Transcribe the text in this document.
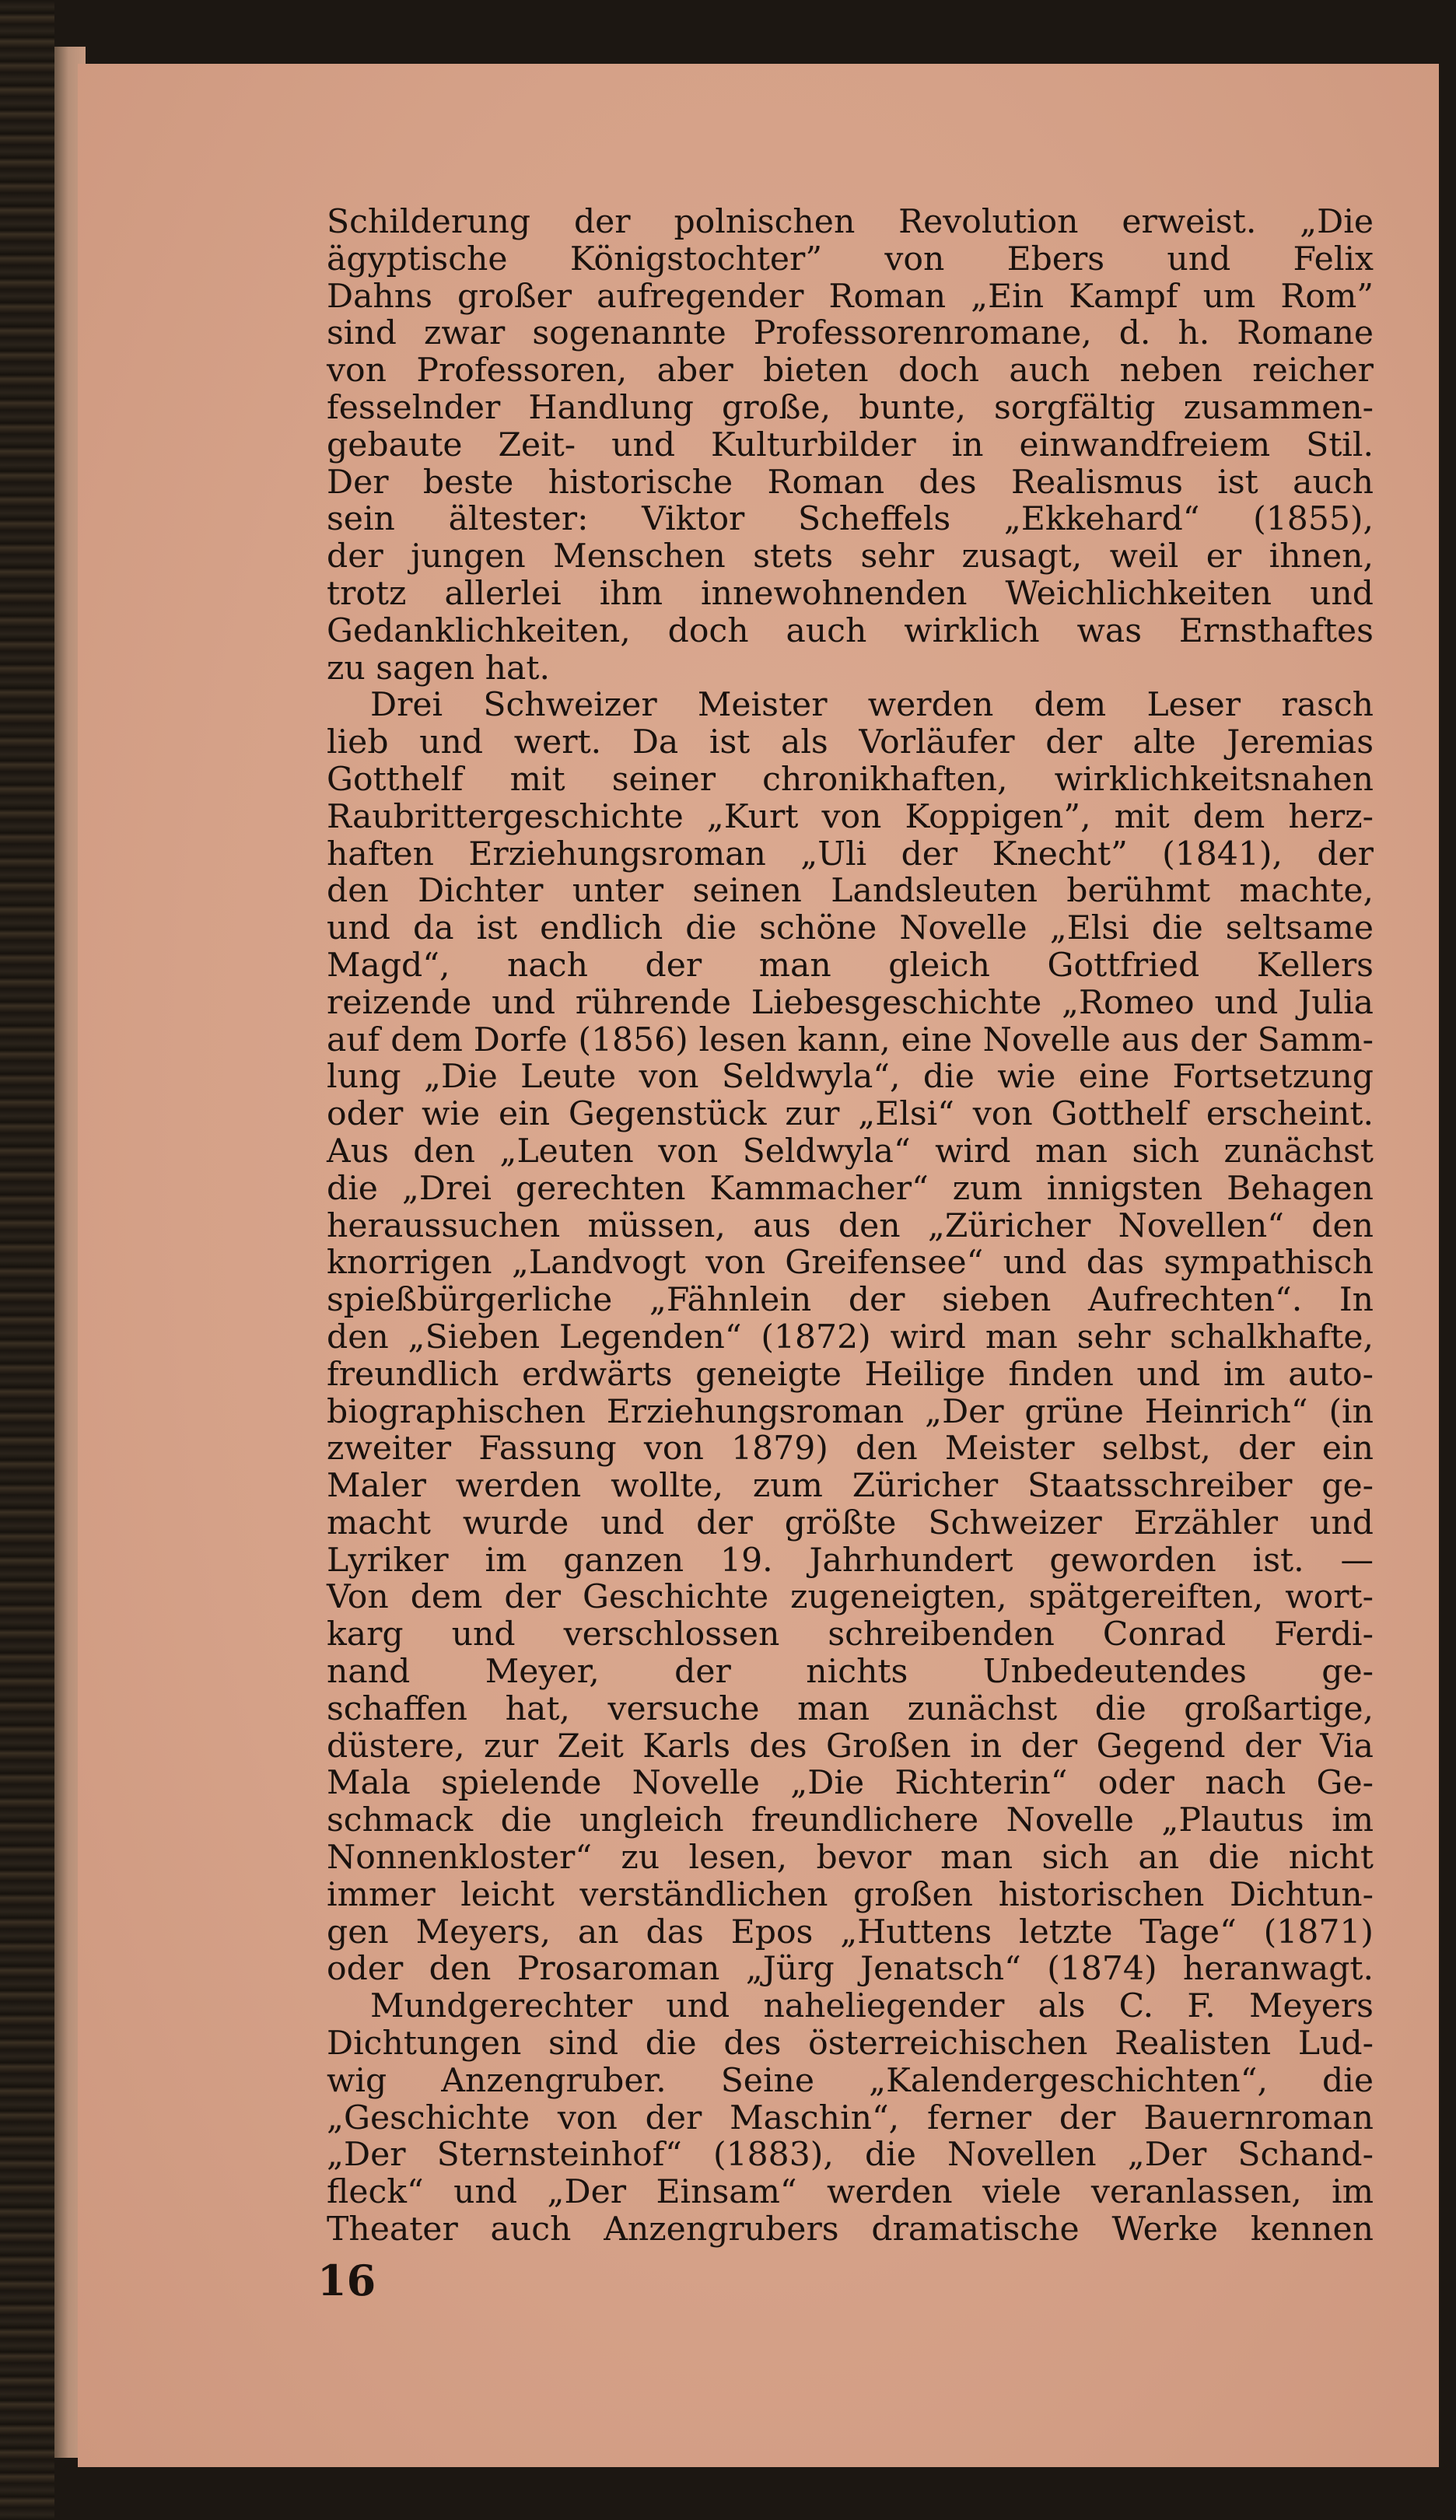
Schilderung der polnischen Revolution erweist. „Die
ägyptische Königstochter” von Ebers und Felix
Dahns großer aufregender Roman „Ein Kampf um Rom”
sind zwar sogenannte Professorenromane, d. h. Romane
von Professoren, aber bieten doch auch neben reicher
fesselnder Handlung große, bunte, sorgfältig zusammen-
gebaute Zeit- und Kulturbilder in einwandfreiem Stil.
Der beste historische Roman des Realismus ist auch
sein ältester: Viktor Scheffels „Ekkehard“ (1855),
der jungen Menschen stets sehr zusagt, weil er ihnen,
trotz allerlei ihm innewohnenden Weichlichkeiten und
Gedanklichkeiten, doch auch wirklich was Ernsthaftes
zu sagen hat.
Drei Schweizer Meister werden dem Leser rasch
lieb und wert. Da ist als Vorläufer der alte Jeremias
Gotthelf mit seiner chronikhaften, wirklichkeitsnahen
Raubrittergeschichte „Kurt von Koppigen”, mit dem herz-
haften Erziehungsroman „Uli der Knecht” (1841), der
den Dichter unter seinen Landsleuten berühmt machte,
und da ist endlich die schöne Novelle „Elsi die seltsame
Magd“, nach der man gleich Gottfried Kellers
reizende und rührende Liebesgeschichte „Romeo und Julia
auf dem Dorfe (1856) lesen kann, eine Novelle aus der Samm-
lung „Die Leute von Seldwyla“, die wie eine Fortsetzung
oder wie ein Gegenstück zur „Elsi“ von Gotthelf erscheint.
Aus den „Leuten von Seldwyla“ wird man sich zunächst
die „Drei gerechten Kammacher“ zum innigsten Behagen
heraussuchen müssen, aus den „Züricher Novellen“ den
knorrigen „Landvogt von Greifensee“ und das sympathisch
spießbürgerliche „Fähnlein der sieben Aufrechten“. In
den „Sieben Legenden“ (1872) wird man sehr schalkhafte,
freundlich erdwärts geneigte Heilige finden und im auto-
biographischen Erziehungsroman „Der grüne Heinrich“ (in
zweiter Fassung von 1879) den Meister selbst, der ein
Maler werden wollte, zum Züricher Staatsschreiber ge-
macht wurde und der größte Schweizer Erzähler und
Lyriker im ganzen 19. Jahrhundert geworden ist. —
Von dem der Geschichte zugeneigten, spätgereiften, wort-
karg und verschlossen schreibenden Conrad Ferdi-
nand Meyer, der nichts Unbedeutendes ge-
schaffen hat, versuche man zunächst die großartige,
düstere, zur Zeit Karls des Großen in der Gegend der Via
Mala spielende Novelle „Die Richterin“ oder nach Ge-
schmack die ungleich freundlichere Novelle „Plautus im
Nonnenkloster“ zu lesen, bevor man sich an die nicht
immer leicht verständlichen großen historischen Dichtun-
gen Meyers, an das Epos „Huttens letzte Tage“ (1871)
oder den Prosaroman „Jürg Jenatsch“ (1874) heranwagt.
Mundgerechter und naheliegender als C. F. Meyers
Dichtungen sind die des österreichischen Realisten Lud-
wig Anzengruber. Seine „Kalendergeschichten“, die
„Geschichte von der Maschin“, ferner der Bauernroman
„Der Sternsteinhof“ (1883), die Novellen „Der Schand-
fleck“ und „Der Einsam“ werden viele veranlassen, im
Theater auch Anzengrubers dramatische Werke kennen
16
